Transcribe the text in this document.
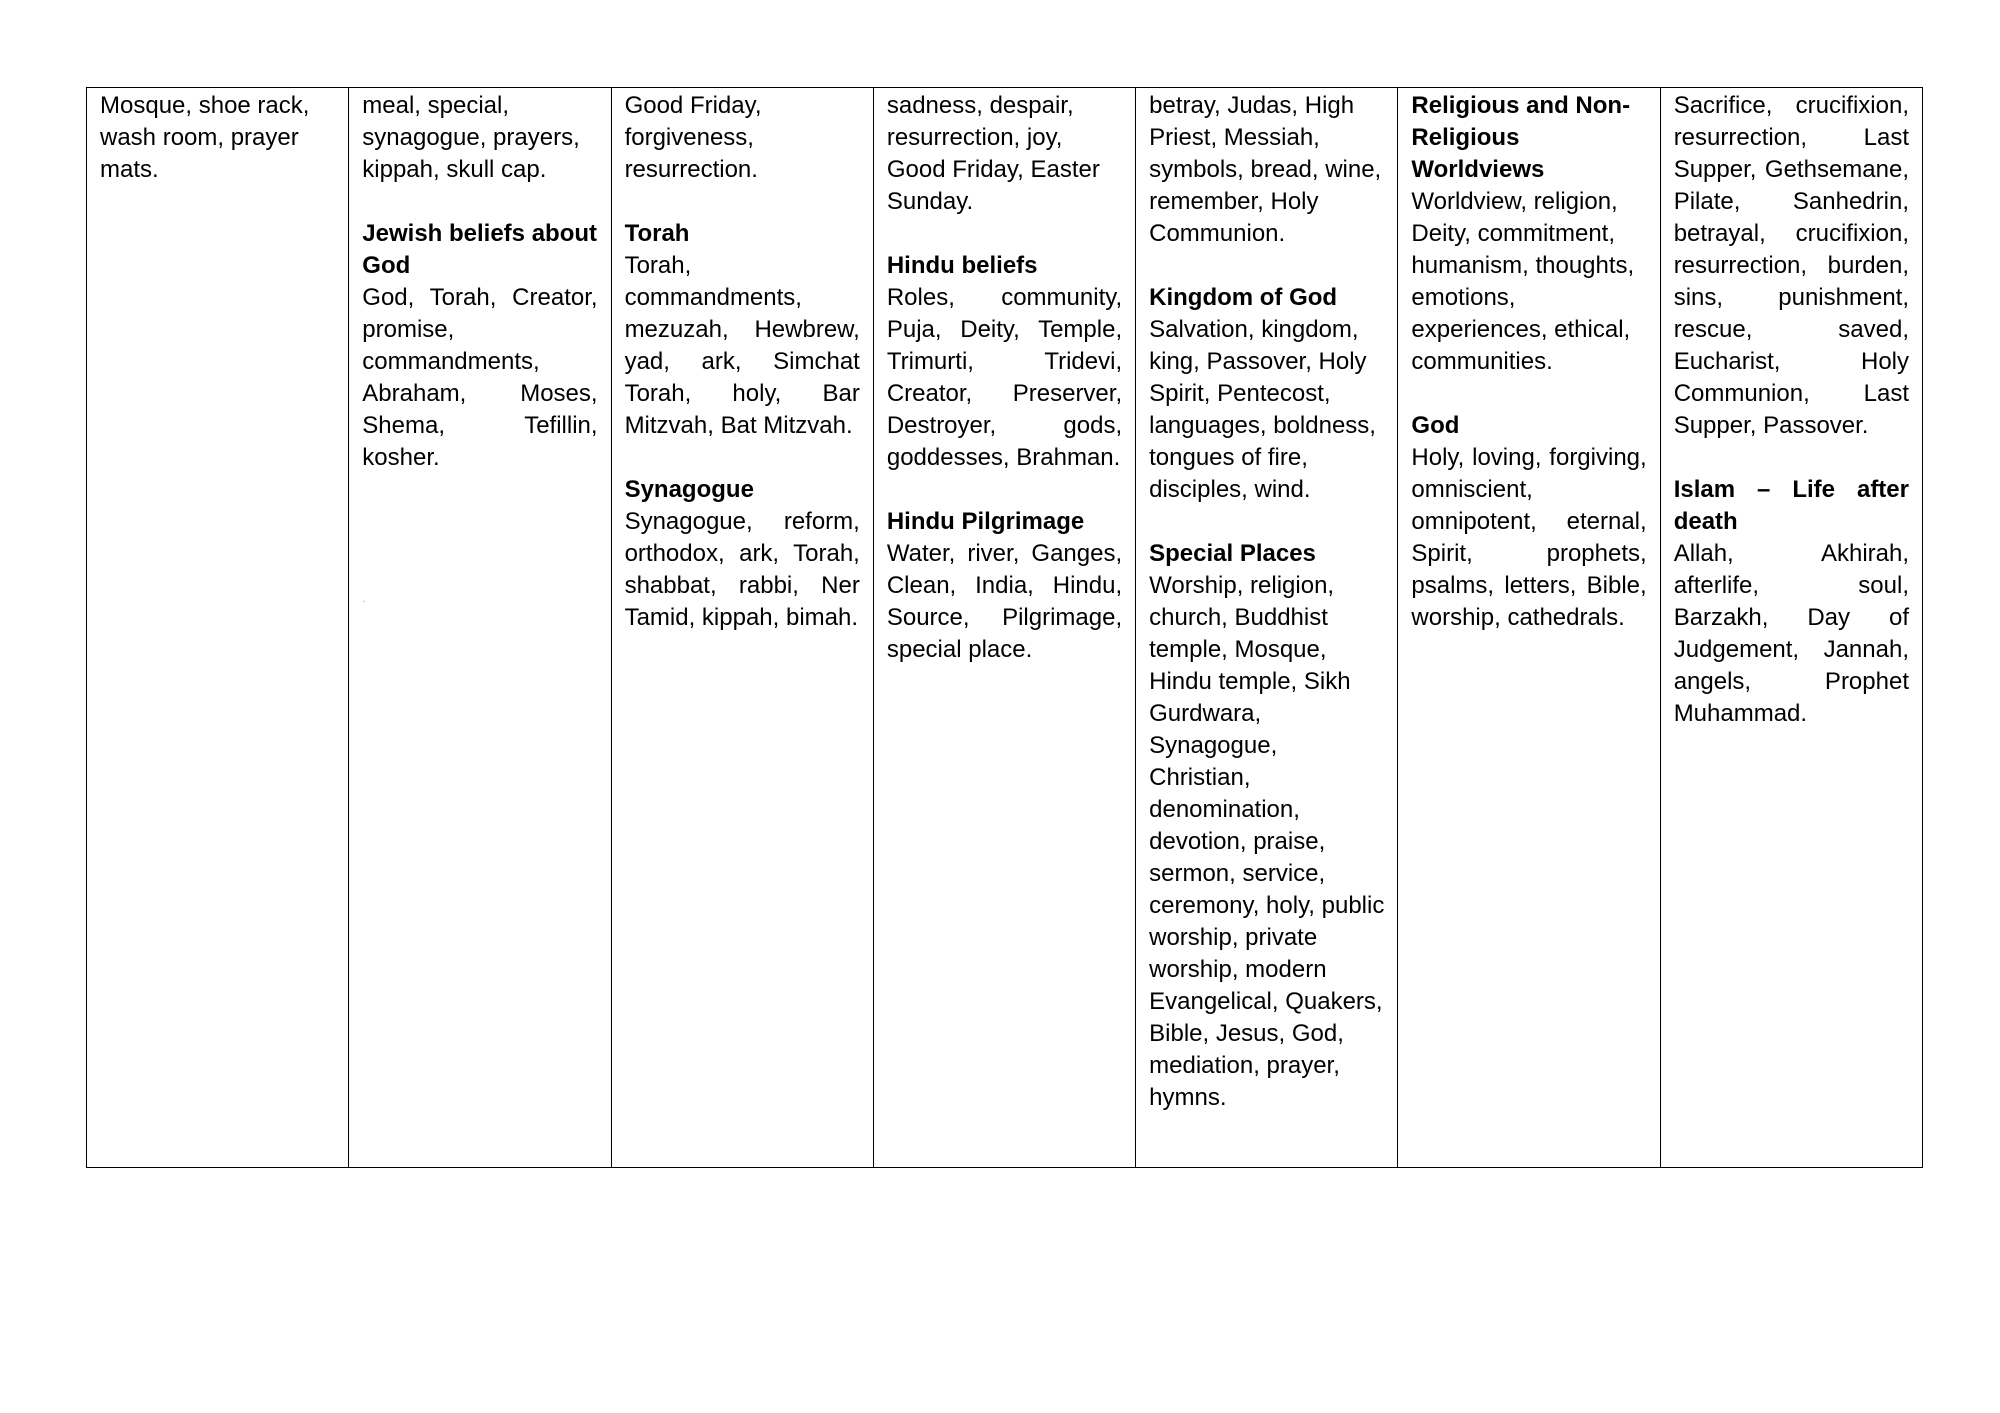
Mosque, shoe rack, wash room, prayer mats.

meal, special, synagogue, prayers, kippah, skull cap.
Jewish beliefs about God
God, Torah, Creator, promise, commandments, Abraham, Moses, Shema, Tefillin, kosher.
.

Good Friday, forgiveness, resurrection.
Torah
Torah, commandments, mezuzah, Hewbrew, yad, ark, Simchat Torah, holy, Bar Mitzvah, Bat Mitzvah.
Synagogue
Synagogue, reform, orthodox, ark, Torah, shabbat, rabbi, Ner Tamid, kippah, bimah.

sadness, despair, resurrection, joy, Good Friday, Easter Sunday.
Hindu beliefs
Roles, community, Puja, Deity, Temple, Trimurti, Tridevi, Creator, Preserver, Destroyer, gods, goddesses, Brahman.
Hindu Pilgrimage
Water, river, Ganges, Clean, India, Hindu, Source, Pilgrimage, special place.

betray, Judas, High Priest, Messiah, symbols, bread, wine, remember, Holy Communion.
Kingdom of God
Salvation, kingdom, king, Passover, Holy Spirit, Pentecost, languages, boldness, tongues of fire, disciples, wind.
Special Places
Worship, religion, church, Buddhist temple, Mosque, Hindu temple, Sikh Gurdwara, Synagogue, Christian, denomination, devotion, praise, sermon, service, ceremony, holy, public worship, private worship, modern Evangelical, Quakers, Bible, Jesus, God, mediation, prayer, hymns.

Religious and Non-Religious Worldviews
Worldview, religion, Deity, commitment, humanism, thoughts, emotions, experiences, ethical, communities.
God
Holy, loving, forgiving, omniscient, omnipotent, eternal, Spirit, prophets, psalms, letters, Bible, worship, cathedrals.

Sacrifice, crucifixion, resurrection, Last Supper, Gethsemane, Pilate, Sanhedrin, betrayal, crucifixion, resurrection, burden, sins, punishment, rescue, saved, Eucharist, Holy Communion, Last Supper, Passover.
Islam – Life after death
Allah, Akhirah, afterlife, soul, Barzakh, Day of Judgement, Jannah, angels, Prophet Muhammad.
